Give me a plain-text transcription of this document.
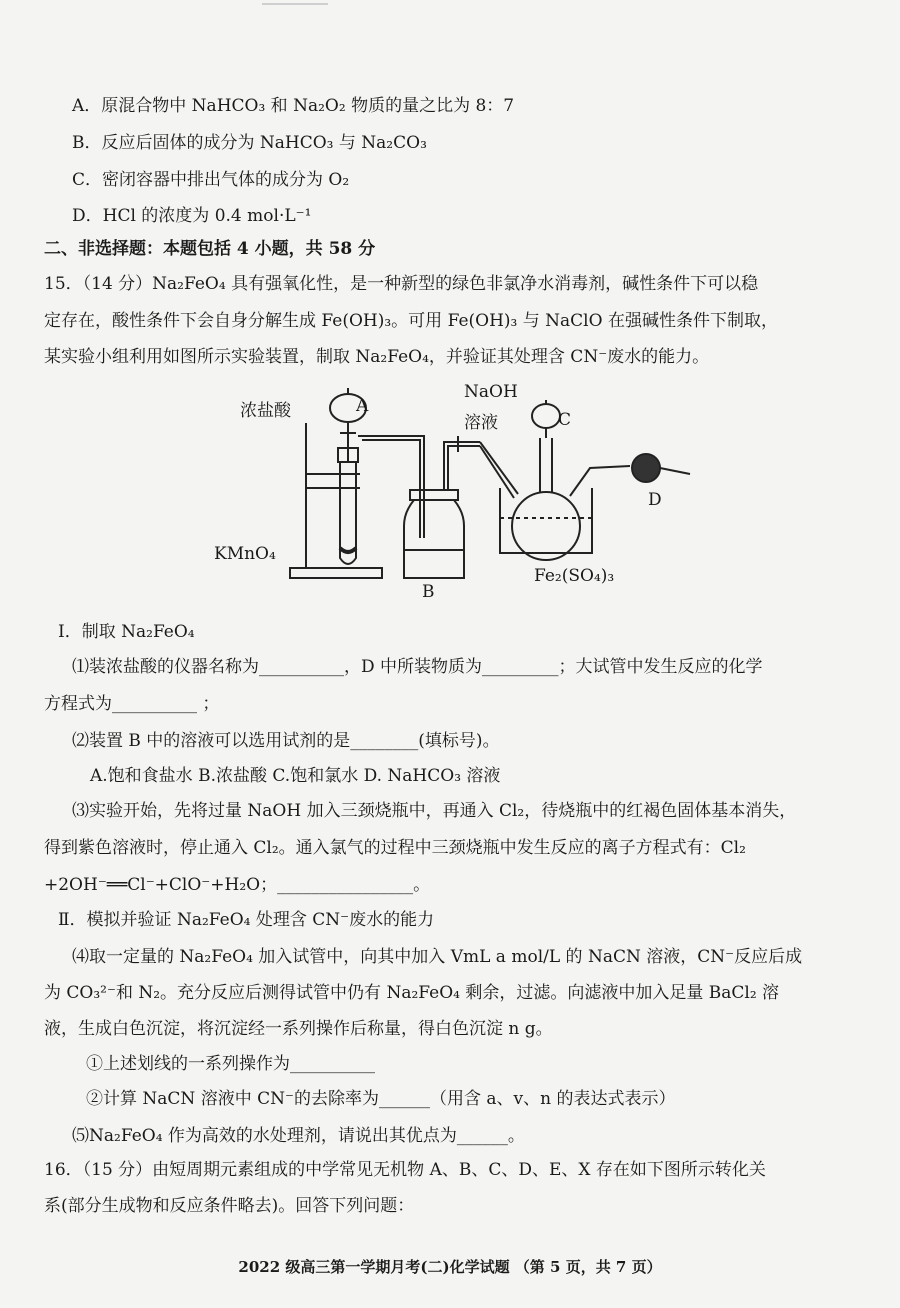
A．原混合物中 NaHCO₃ 和 Na₂O₂ 物质的量之比为 8：7
B．反应后固体的成分为 NaHCO₃ 与 Na₂CO₃
C．密闭容器中排出气体的成分为 O₂
D．HCl 的浓度为 0.4 mol·L⁻¹
二、非选择题：本题包括 4 小题，共 58 分
15．（14 分）Na₂FeO₄ 具有强氧化性，是一种新型的绿色非氯净水消毒剂，碱性条件下可以稳
定存在，酸性条件下会自身分解生成 Fe(OH)₃。可用 Fe(OH)₃ 与 NaClO 在强碱性条件下制取，
某实验小组利用如图所示实验装置，制取 Na₂FeO₄，并验证其处理含 CN⁻废水的能力。
浓盐酸	A
NaOH
溶液	C
D
KMnO₄
B
Fe₂(SO₄)₃
Ⅰ．制取 Na₂FeO₄
⑴装浓盐酸的仪器名称为__________，D 中所装物质为_________；大试管中发生反应的化学
方程式为__________ ；
⑵装置 B 中的溶液可以选用试剂的是________(填标号)。
A.饱和食盐水 B.浓盐酸 C.饱和氯水 D. NaHCO₃ 溶液
⑶实验开始，先将过量 NaOH 加入三颈烧瓶中，再通入 Cl₂，待烧瓶中的红褐色固体基本消失，
得到紫色溶液时，停止通入 Cl₂。通入氯气的过程中三颈烧瓶中发生反应的离子方程式有：Cl₂
+2OH⁻══Cl⁻+ClO⁻+H₂O；________________。
Ⅱ．模拟并验证 Na₂FeO₄ 处理含 CN⁻废水的能力
⑷取一定量的 Na₂FeO₄ 加入试管中，向其中加入 VmL a mol/L 的 NaCN 溶液，CN⁻反应后成
为 CO₃²⁻和 N₂。充分反应后测得试管中仍有 Na₂FeO₄ 剩余，过滤。向滤液中加入足量 BaCl₂ 溶
液，生成白色沉淀，将沉淀经一系列操作后称量，得白色沉淀 n g。
①上述划线的一系列操作为__________
②计算 NaCN 溶液中 CN⁻的去除率为______（用含 a、v、n 的表达式表示）
⑸Na₂FeO₄ 作为高效的水处理剂，请说出其优点为______。
16．（15 分）由短周期元素组成的中学常见无机物 A、B、C、D、E、X 存在如下图所示转化关
系(部分生成物和反应条件略去)。回答下列问题：
2022 级高三第一学期月考(二)化学试题 （第 5 页，共 7 页）
